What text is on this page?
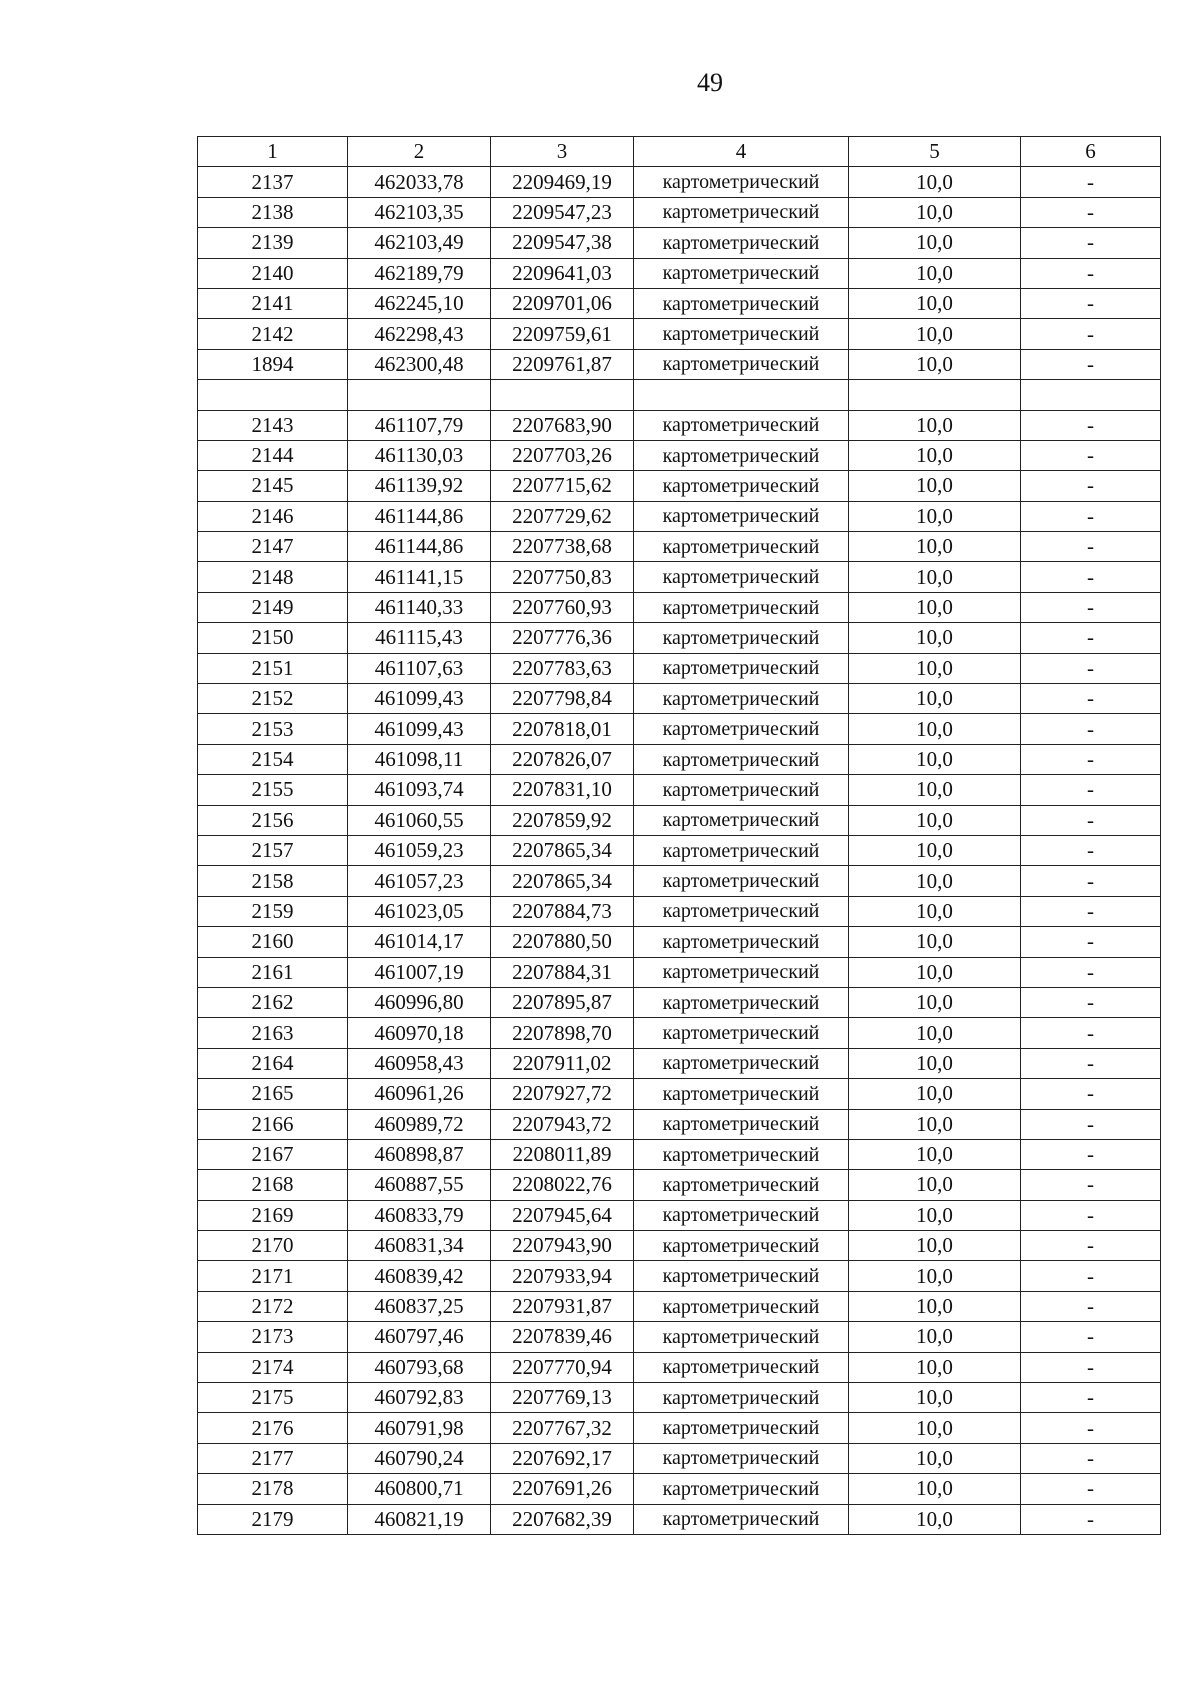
49
1	2	3	4	5	6
2137	462033,78	2209469,19	картометрический	10,0	-
2138	462103,35	2209547,23	картометрический	10,0	-
2139	462103,49	2209547,38	картометрический	10,0	-
2140	462189,79	2209641,03	картометрический	10,0	-
2141	462245,10	2209701,06	картометрический	10,0	-
2142	462298,43	2209759,61	картометрический	10,0	-
1894	462300,48	2209761,87	картометрический	10,0	-

2143	461107,79	2207683,90	картометрический	10,0	-
2144	461130,03	2207703,26	картометрический	10,0	-
2145	461139,92	2207715,62	картометрический	10,0	-
2146	461144,86	2207729,62	картометрический	10,0	-
2147	461144,86	2207738,68	картометрический	10,0	-
2148	461141,15	2207750,83	картометрический	10,0	-
2149	461140,33	2207760,93	картометрический	10,0	-
2150	461115,43	2207776,36	картометрический	10,0	-
2151	461107,63	2207783,63	картометрический	10,0	-
2152	461099,43	2207798,84	картометрический	10,0	-
2153	461099,43	2207818,01	картометрический	10,0	-
2154	461098,11	2207826,07	картометрический	10,0	-
2155	461093,74	2207831,10	картометрический	10,0	-
2156	461060,55	2207859,92	картометрический	10,0	-
2157	461059,23	2207865,34	картометрический	10,0	-
2158	461057,23	2207865,34	картометрический	10,0	-
2159	461023,05	2207884,73	картометрический	10,0	-
2160	461014,17	2207880,50	картометрический	10,0	-
2161	461007,19	2207884,31	картометрический	10,0	-
2162	460996,80	2207895,87	картометрический	10,0	-
2163	460970,18	2207898,70	картометрический	10,0	-
2164	460958,43	2207911,02	картометрический	10,0	-
2165	460961,26	2207927,72	картометрический	10,0	-
2166	460989,72	2207943,72	картометрический	10,0	-
2167	460898,87	2208011,89	картометрический	10,0	-
2168	460887,55	2208022,76	картометрический	10,0	-
2169	460833,79	2207945,64	картометрический	10,0	-
2170	460831,34	2207943,90	картометрический	10,0	-
2171	460839,42	2207933,94	картометрический	10,0	-
2172	460837,25	2207931,87	картометрический	10,0	-
2173	460797,46	2207839,46	картометрический	10,0	-
2174	460793,68	2207770,94	картометрический	10,0	-
2175	460792,83	2207769,13	картометрический	10,0	-
2176	460791,98	2207767,32	картометрический	10,0	-
2177	460790,24	2207692,17	картометрический	10,0	-
2178	460800,71	2207691,26	картометрический	10,0	-
2179	460821,19	2207682,39	картометрический	10,0	-
